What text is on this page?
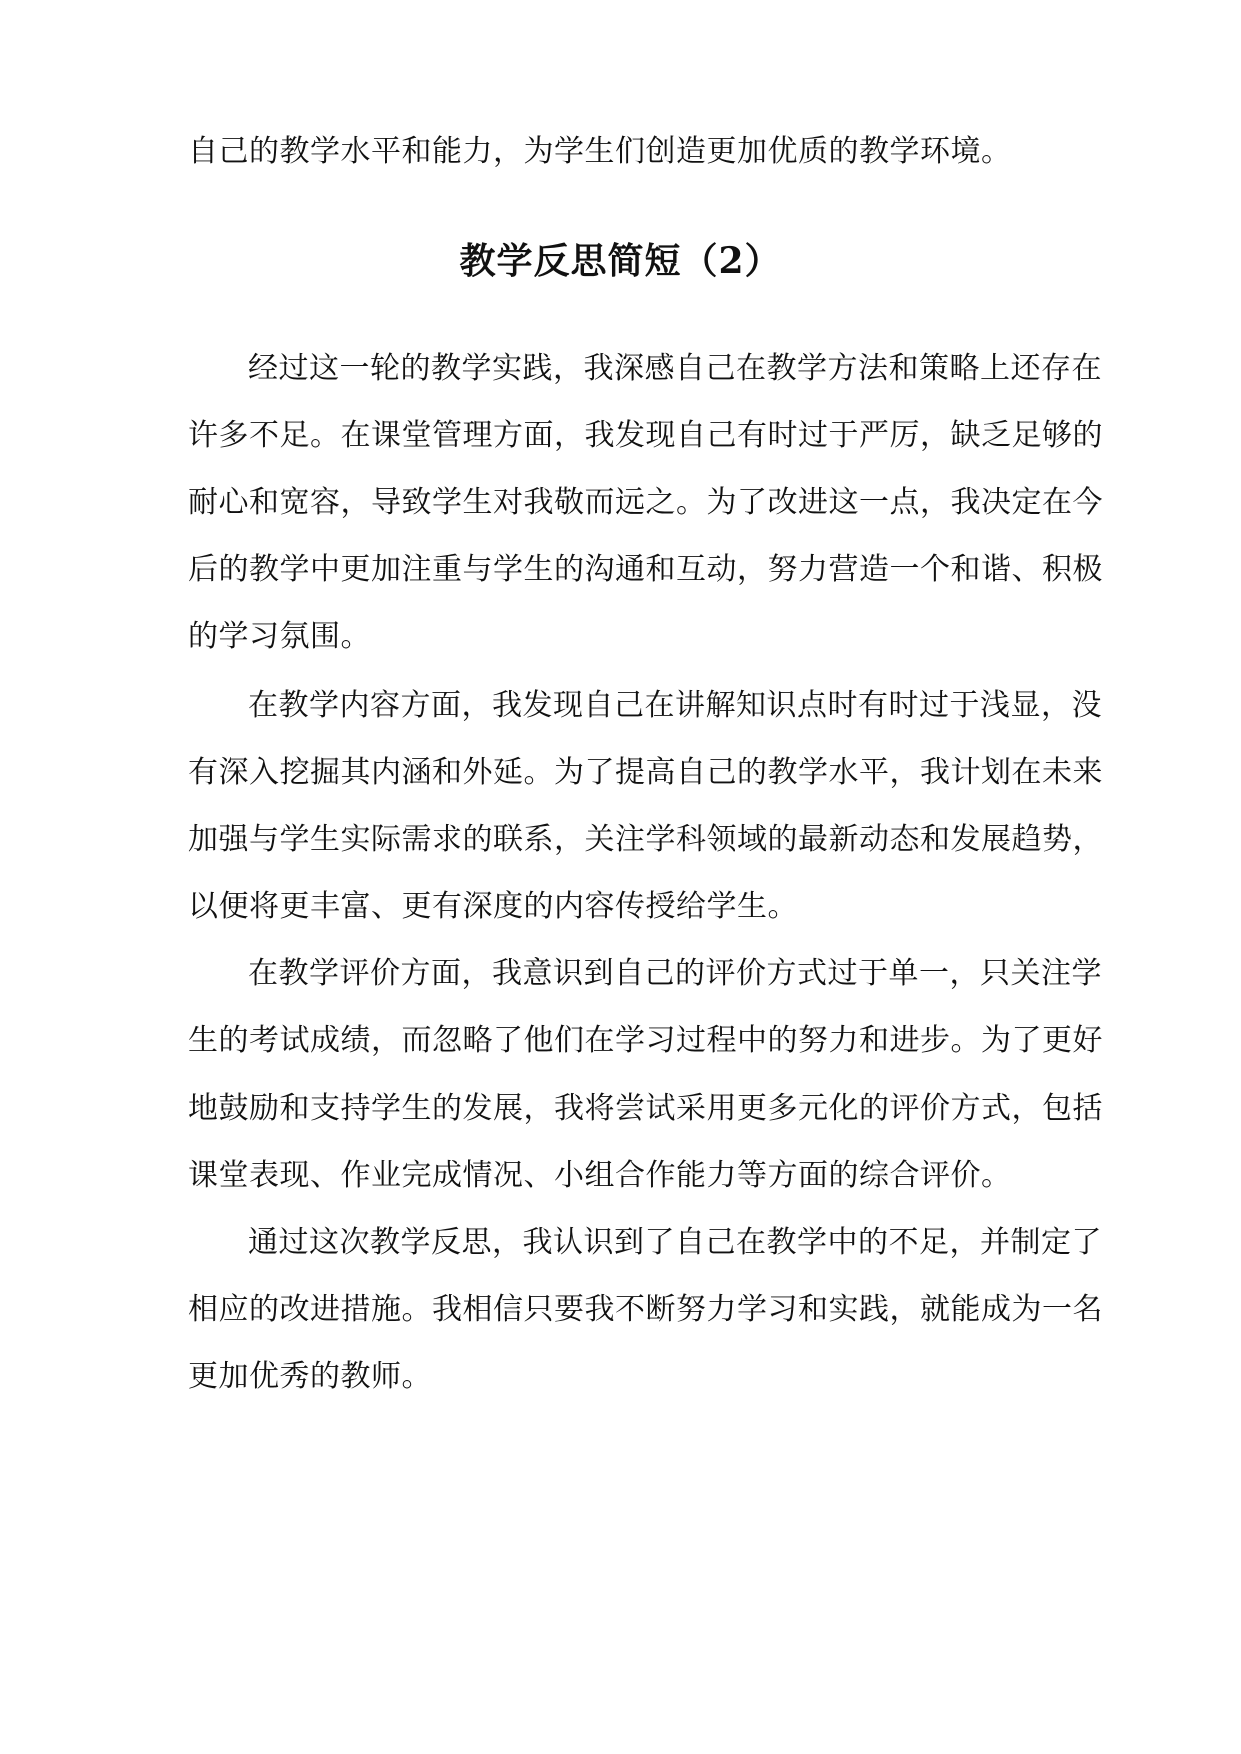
自己的教学水平和能力，为学生们创造更加优质的教学环境。
教学反思简短（2）
经过这一轮的教学实践，我深感自己在教学方法和策略上还存在
许多不足。在课堂管理方面，我发现自己有时过于严厉，缺乏足够的
耐心和宽容，导致学生对我敬而远之。为了改进这一点，我决定在今
后的教学中更加注重与学生的沟通和互动，努力营造一个和谐、积极
的学习氛围。
在教学内容方面，我发现自己在讲解知识点时有时过于浅显，没
有深入挖掘其内涵和外延。为了提高自己的教学水平，我计划在未来
加强与学生实际需求的联系，关注学科领域的最新动态和发展趋势，
以便将更丰富、更有深度的内容传授给学生。
在教学评价方面，我意识到自己的评价方式过于单一，只关注学
生的考试成绩，而忽略了他们在学习过程中的努力和进步。为了更好
地鼓励和支持学生的发展，我将尝试采用更多元化的评价方式，包括
课堂表现、作业完成情况、小组合作能力等方面的综合评价。
通过这次教学反思，我认识到了自己在教学中的不足，并制定了
相应的改进措施。我相信只要我不断努力学习和实践，就能成为一名
更加优秀的教师。
